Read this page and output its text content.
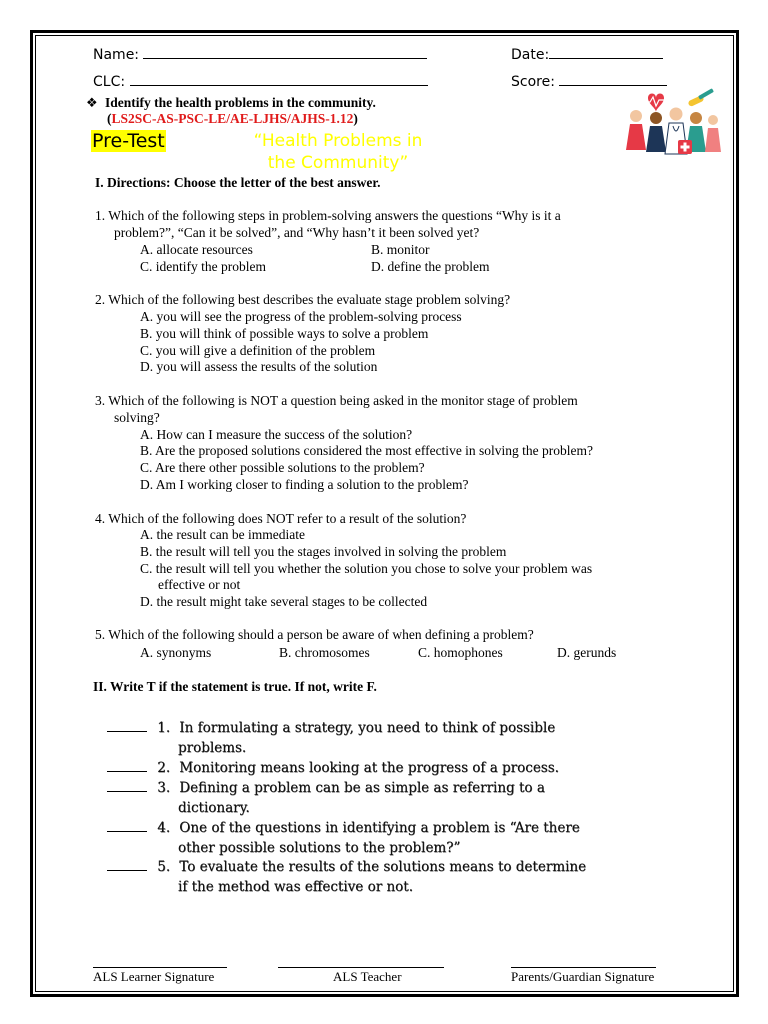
Name:	Date:
CLC:	Score:
❖ Identify the health problems in the community.
(LS2SC-AS-PSC-LE/AE-LJHS/AJHS-1.12)
Pre-Test	“Health Problems in the Community”
I. Directions: Choose the letter of the best answer.
1. Which of the following steps in problem-solving answers the questions “Why is it a
problem?”, “Can it be solved”, and “Why hasn’t it been solved yet?
A. allocate resources	B. monitor
C. identify the problem	D. define the problem
2. Which of the following best describes the evaluate stage problem solving?
A. you will see the progress of the problem-solving process
B. you will think of possible ways to solve a problem
C. you will give a definition of the problem
D. you will assess the results of the solution
3. Which of the following is NOT a question being asked in the monitor stage of problem
solving?
A. How can I measure the success of the solution?
B. Are the proposed solutions considered the most effective in solving the problem?
C. Are there other possible solutions to the problem?
D. Am I working closer to finding a solution to the problem?
4. Which of the following does NOT refer to a result of the solution?
A. the result can be immediate
B. the result will tell you the stages involved in solving the problem
C. the result will tell you whether the solution you chose to solve your problem was
effective or not
D. the result might take several stages to be collected
5. Which of the following should a person be aware of when defining a problem?
A. synonyms	B. chromosomes	C. homophones	D. gerunds
II. Write T if the statement is true. If not, write F.
1. In formulating a strategy, you need to think of possible
problems.
2. Monitoring means looking at the progress of a process.
3. Defining a problem can be as simple as referring to a
dictionary.
4. One of the questions in identifying a problem is “Are there
other possible solutions to the problem?”
5. To evaluate the results of the solutions means to determine
if the method was effective or not.
ALS Learner Signature	ALS Teacher	Parents/Guardian Signature
